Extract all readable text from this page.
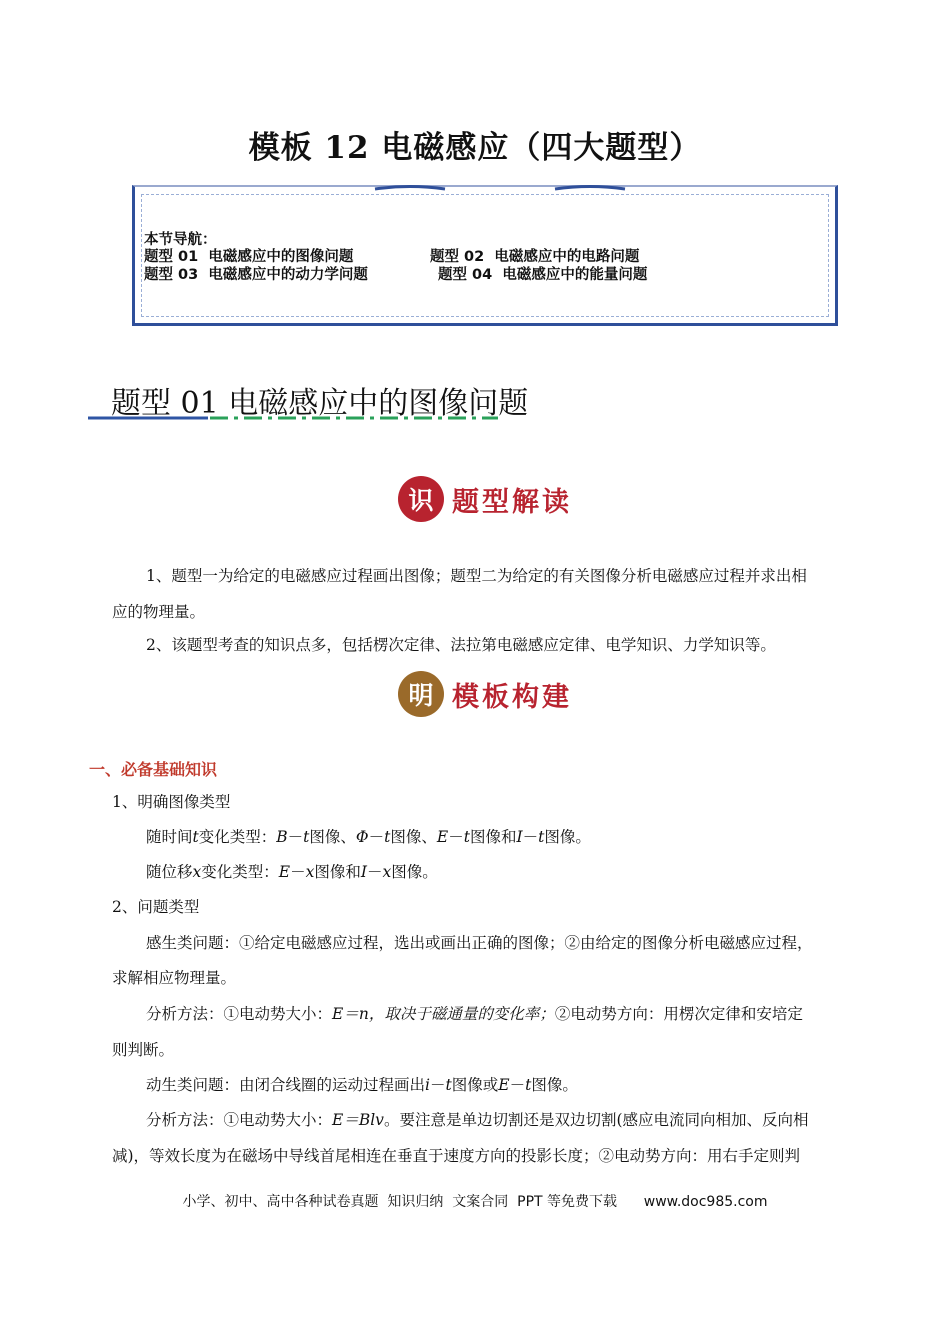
模板 12 电磁感应（四大题型）
本节导航：
题型 01  电磁感应中的图像问题	题型 02  电磁感应中的电路问题
题型 03  电磁感应中的动力学问题	题型 04  电磁感应中的能量问题
题型 01 电磁感应中的图像问题
识 题型解读
1、题型一为给定的电磁感应过程画出图像；题型二为给定的有关图像分析电磁感应过程并求出相
应的物理量。
2、该题型考查的知识点多，包括楞次定律、法拉第电磁感应定律、电学知识、力学知识等。
明 模板构建
一、必备基础知识
1、明确图像类型
随时间t变化类型：B－t图像、Φ－t图像、E－t图像和I－t图像。
随位移x变化类型：E－x图像和I－x图像。
2、问题类型
感生类问题：①给定电磁感应过程，选出或画出正确的图像；②由给定的图像分析电磁感应过程，
求解相应物理量。
分析方法：①电动势大小：E＝n，取决于磁通量的变化率；②电动势方向：用楞次定律和安培定
则判断。
动生类问题：由闭合线圈的运动过程画出i－t图像或E－t图像。
分析方法：①电动势大小：E＝Blv。要注意是单边切割还是双边切割(感应电流同向相加、反向相
减)，等效长度为在磁场中导线首尾相连在垂直于速度方向的投影长度；②电动势方向：用右手定则判
小学、初中、高中各种试卷真题  知识归纳  文案合同  PPT 等免费下载 www.doc985.com
